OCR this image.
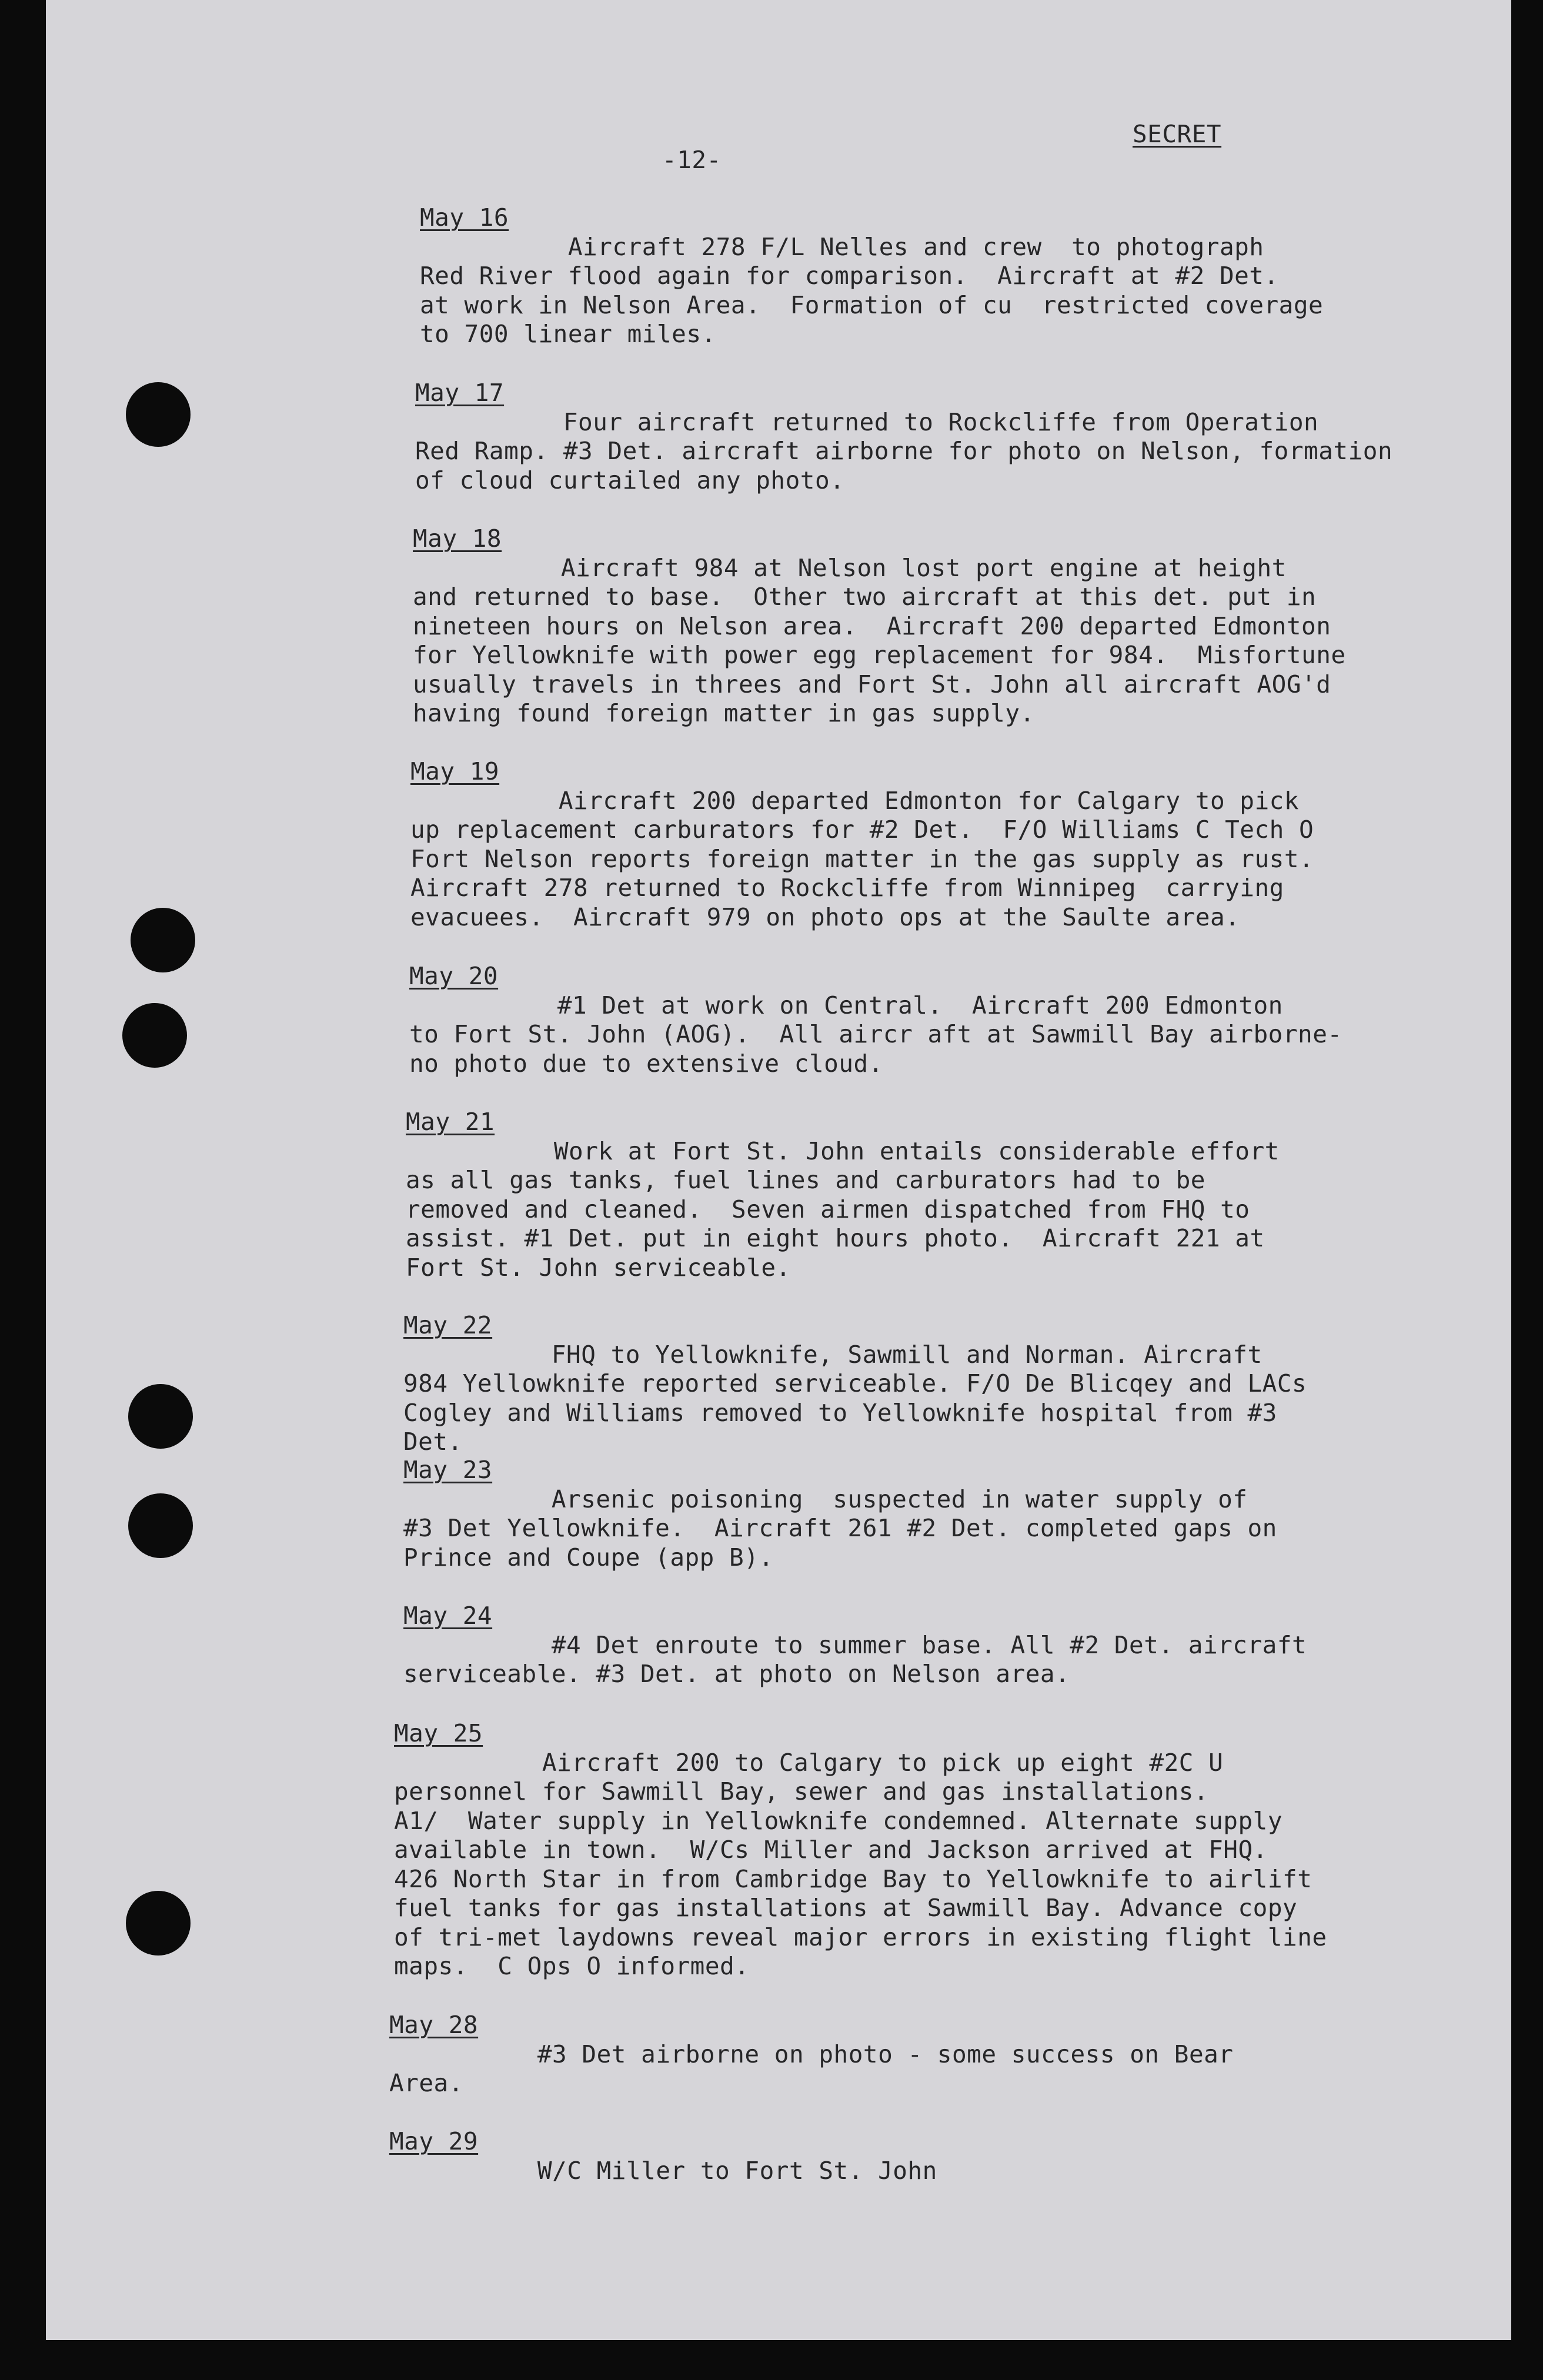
SECRET
-12-
May 16
Aircraft 278 F/L Nelles and crew  to photograph
Red River flood again for comparison.  Aircraft at #2 Det.
at work in Nelson Area.  Formation of cu  restricted coverage
to 700 linear miles.
May 17
Four aircraft returned to Rockcliffe from Operation
Red Ramp. #3 Det. aircraft airborne for photo on Nelson, formation
of cloud curtailed any photo.
May 18
Aircraft 984 at Nelson lost port engine at height
and returned to base.  Other two aircraft at this det. put in
nineteen hours on Nelson area.  Aircraft 200 departed Edmonton
for Yellowknife with power egg replacement for 984.  Misfortune
usually travels in threes and Fort St. John all aircraft AOG'd
having found foreign matter in gas supply.
May 19
Aircraft 200 departed Edmonton for Calgary to pick
up replacement carburators for #2 Det.  F/O Williams C Tech O
Fort Nelson reports foreign matter in the gas supply as rust.
Aircraft 278 returned to Rockcliffe from Winnipeg  carrying
evacuees.  Aircraft 979 on photo ops at the Saulte area.
May 20
#1 Det at work on Central.  Aircraft 200 Edmonton
to Fort St. John (AOG).  All aircr aft at Sawmill Bay airborne-
no photo due to extensive cloud.
May 21
Work at Fort St. John entails considerable effort
as all gas tanks, fuel lines and carburators had to be
removed and cleaned.  Seven airmen dispatched from FHQ to
assist. #1 Det. put in eight hours photo.  Aircraft 221 at
Fort St. John serviceable.
May 22
FHQ to Yellowknife, Sawmill and Norman. Aircraft
984 Yellowknife reported serviceable. F/O De Blicqey and LACs
Cogley and Williams removed to Yellowknife hospital from #3
Det.
May 23
Arsenic poisoning  suspected in water supply of
#3 Det Yellowknife.  Aircraft 261 #2 Det. completed gaps on
Prince and Coupe (app B).
May 24
#4 Det enroute to summer base. All #2 Det. aircraft
serviceable. #3 Det. at photo on Nelson area.
May 25
Aircraft 200 to Calgary to pick up eight #2C U
personnel for Sawmill Bay, sewer and gas installations.
A1/  Water supply in Yellowknife condemned. Alternate supply
available in town.  W/Cs Miller and Jackson arrived at FHQ.
426 North Star in from Cambridge Bay to Yellowknife to airlift
fuel tanks for gas installations at Sawmill Bay. Advance copy
of tri-met laydowns reveal major errors in existing flight line
maps.  C Ops O informed.
May 28
#3 Det airborne on photo - some success on Bear
Area.
May 29
W/C Miller to Fort St. John
